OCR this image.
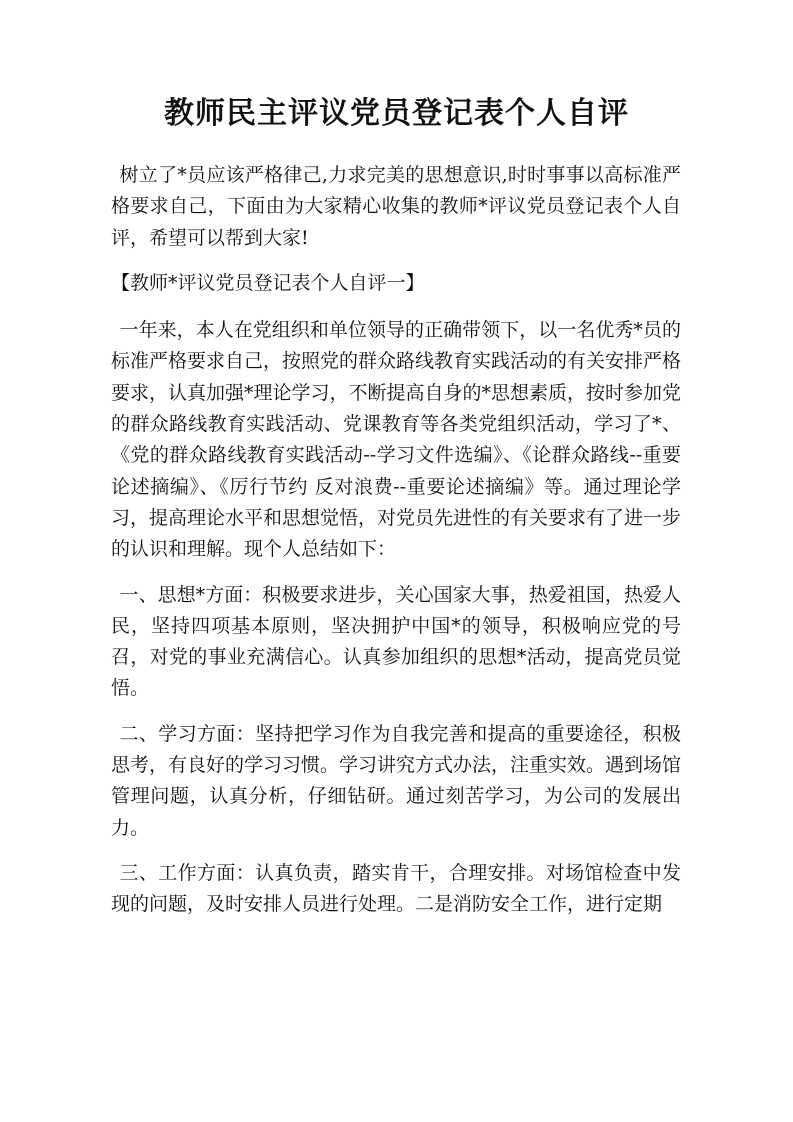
教师民主评议党员登记表个人自评

树立了*员应该严格律己,力求完美的思想意识,时时事事以高标准严格要求自己，下面由为大家精心收集的教师*评议党员登记表个人自评，希望可以帮到大家!

【教师*评议党员登记表个人自评一】

一年来，本人在党组织和单位领导的正确带领下，以一名优秀*员的标准严格要求自己，按照党的群众路线教育实践活动的有关安排严格要求，认真加强*理论学习，不断提高自身的*思想素质，按时参加党的群众路线教育实践活动、党课教育等各类党组织活动，学习了*、《党的群众路线教育实践活动--学习文件选编》、《论群众路线--重要论述摘编》、《厉行节约 反对浪费--重要论述摘编》等。通过理论学习，提高理论水平和思想觉悟，对党员先进性的有关要求有了进一步的认识和理解。现个人总结如下：

一、思想*方面：积极要求进步，关心国家大事，热爱祖国，热爱人民，坚持四项基本原则，坚决拥护中国*的领导，积极响应党的号召，对党的事业充满信心。认真参加组织的思想*活动，提高党员觉悟。

二、学习方面：坚持把学习作为自我完善和提高的重要途径，积极思考，有良好的学习习惯。学习讲究方式办法，注重实效。遇到场馆管理问题，认真分析，仔细钻研。通过刻苦学习，为公司的发展出力。

三、工作方面：认真负责，踏实肯干，合理安排。对场馆检查中发现的问题，及时安排人员进行处理。二是消防安全工作，进行定期
